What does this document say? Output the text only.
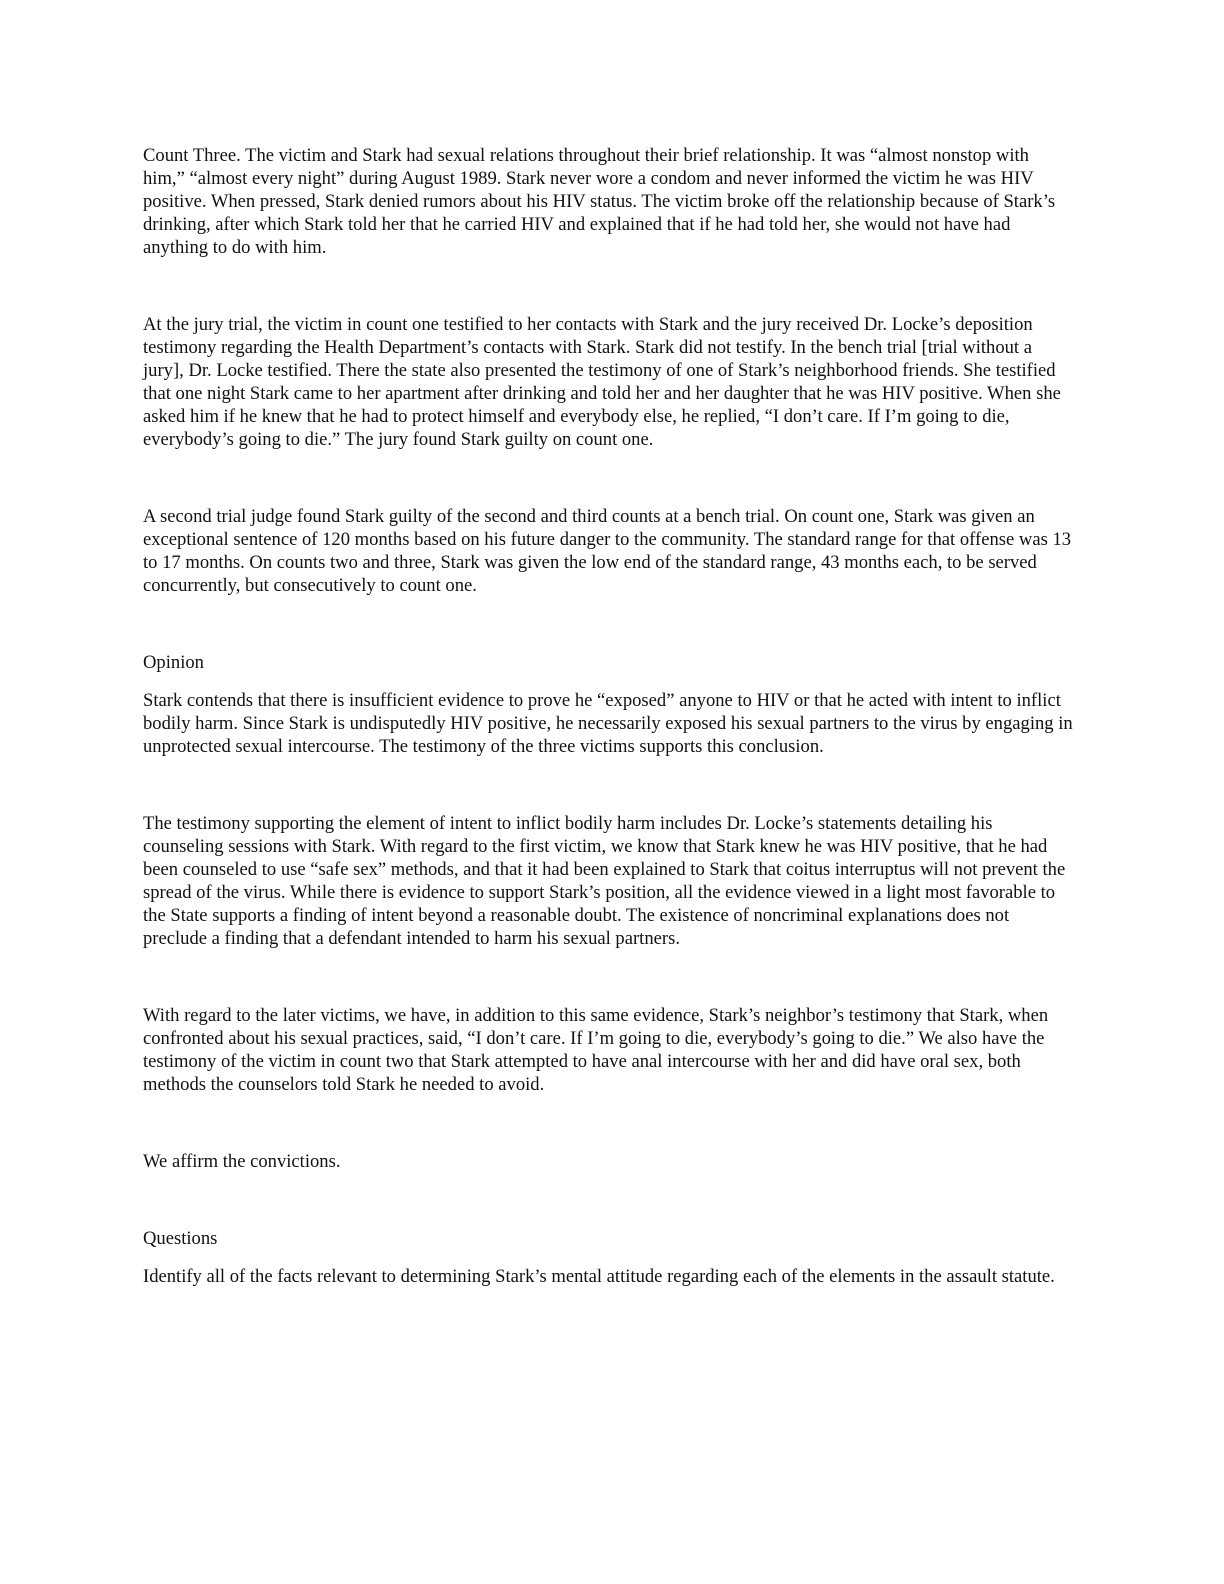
Count Three. The victim and Stark had sexual relations throughout their brief relationship. It was “almost nonstop with him,” “almost every night” during August 1989. Stark never wore a condom and never informed the victim he was HIV positive. When pressed, Stark denied rumors about his HIV status. The victim broke off the relationship because of Stark’s drinking, after which Stark told her that he carried HIV and explained that if he had told her, she would not have had anything to do with him.

At the jury trial, the victim in count one testified to her contacts with Stark and the jury received Dr. Locke’s deposition testimony regarding the Health Department’s contacts with Stark. Stark did not testify. In the bench trial [trial without a jury], Dr. Locke testified. There the state also presented the testimony of one of Stark’s neighborhood friends. She testified that one night Stark came to her apartment after drinking and told her and her daughter that he was HIV positive. When she asked him if he knew that he had to protect himself and everybody else, he replied, “I don’t care. If I’m going to die, everybody’s going to die.” The jury found Stark guilty on count one.

A second trial judge found Stark guilty of the second and third counts at a bench trial. On count one, Stark was given an exceptional sentence of 120 months based on his future danger to the community. The standard range for that offense was 13 to 17 months. On counts two and three, Stark was given the low end of the standard range, 43 months each, to be served concurrently, but consecutively to count one.

Opinion

Stark contends that there is insufficient evidence to prove he “exposed” anyone to HIV or that he acted with intent to inflict bodily harm. Since Stark is undisputedly HIV positive, he necessarily exposed his sexual partners to the virus by engaging in unprotected sexual intercourse. The testimony of the three victims supports this conclusion.

The testimony supporting the element of intent to inflict bodily harm includes Dr. Locke’s statements detailing his counseling sessions with Stark. With regard to the first victim, we know that Stark knew he was HIV positive, that he had been counseled to use “safe sex” methods, and that it had been explained to Stark that coitus interruptus will not prevent the spread of the virus. While there is evidence to support Stark’s position, all the evidence viewed in a light most favorable to the State supports a finding of intent beyond a reasonable doubt. The existence of noncriminal explanations does not preclude a finding that a defendant intended to harm his sexual partners.

With regard to the later victims, we have, in addition to this same evidence, Stark’s neighbor’s testimony that Stark, when confronted about his sexual practices, said, “I don’t care. If I’m going to die, everybody’s going to die.” We also have the testimony of the victim in count two that Stark attempted to have anal intercourse with her and did have oral sex, both methods the counselors told Stark he needed to avoid.

We affirm the convictions.

Questions

Identify all of the facts relevant to determining Stark’s mental attitude regarding each of the elements in the assault statute.
